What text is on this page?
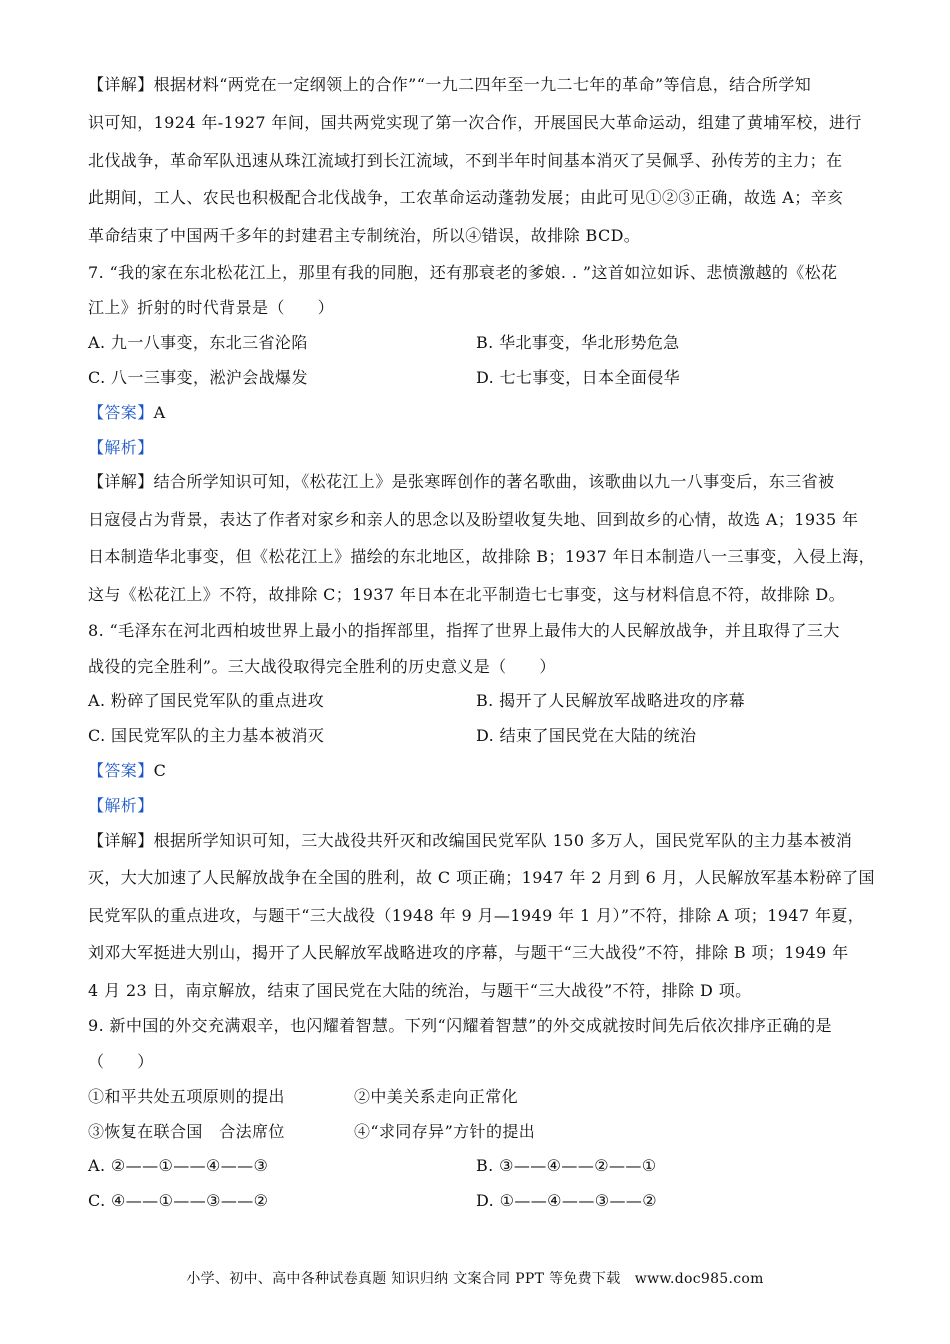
【详解】根据材料“两党在一定纲领上的合作”“一九二四年至一九二七年的革命”等信息，结合所学知
识可知，1924 年-1927 年间，国共两党实现了第一次合作，开展国民大革命运动，组建了黄埔军校，进行
北伐战争，革命军队迅速从珠江流域打到长江流域，不到半年时间基本消灭了吴佩孚、孙传芳的主力；在
此期间，工人、农民也积极配合北伐战争，工农革命运动蓬勃发展；由此可见①②③正确，故选 A；辛亥
革命结束了中国两千多年的封建君主专制统治，所以④错误，故排除 BCD。
7. “我的家在东北松花江上，那里有我的同胞，还有那衰老的爹娘. . ”这首如泣如诉、悲愤激越的《松花
江上》折射的时代背景是（　　）
A. 九一八事变，东北三省沦陷	B. 华北事变，华北形势危急
C. 八一三事变，淞沪会战爆发	D. 七七事变，日本全面侵华
【答案】A
【解析】
【详解】结合所学知识可知，《松花江上》是张寒晖创作的著名歌曲，该歌曲以九一八事变后，东三省被
日寇侵占为背景，表达了作者对家乡和亲人的思念以及盼望收复失地、回到故乡的心情，故选 A；1935 年
日本制造华北事变，但《松花江上》描绘的东北地区，故排除 B；1937 年日本制造八一三事变，入侵上海，
这与《松花江上》不符，故排除 C；1937 年日本在北平制造七七事变，这与材料信息不符，故排除 D。
8. “毛泽东在河北西柏坡世界上最小的指挥部里，指挥了世界上最伟大的人民解放战争，并且取得了三大
战役的完全胜利”。三大战役取得完全胜利的历史意义是（　　）
A. 粉碎了国民党军队的重点进攻	B. 揭开了人民解放军战略进攻的序幕
C. 国民党军队的主力基本被消灭	D. 结束了国民党在大陆的统治
【答案】C
【解析】
【详解】根据所学知识可知，三大战役共歼灭和改编国民党军队 150 多万人，国民党军队的主力基本被消
灭，大大加速了人民解放战争在全国的胜利，故 C 项正确；1947 年 2 月到 6 月，人民解放军基本粉碎了国
民党军队的重点进攻，与题干“三大战役（1948 年 9 月—1949 年 1 月）”不符，排除 A 项；1947 年夏，
刘邓大军挺进大别山，揭开了人民解放军战略进攻的序幕，与题干“三大战役”不符，排除 B 项；1949 年
4 月 23 日，南京解放，结束了国民党在大陆的统治，与题干“三大战役”不符，排除 D 项。
9. 新中国的外交充满艰辛，也闪耀着智慧。下列“闪耀着智慧”的外交成就按时间先后依次排序正确的是
（　　）
①和平共处五项原则的提出	②中美关系走向正常化
③恢复在联合国　合法席位	④“求同存异”方针的提出
A. ②——①——④——③	B. ③——④——②——①
C. ④——①——③——②	D. ①——④——③——②
小学、初中、高中各种试卷真题 知识归纳 文案合同 PPT 等免费下载　www.doc985.com
